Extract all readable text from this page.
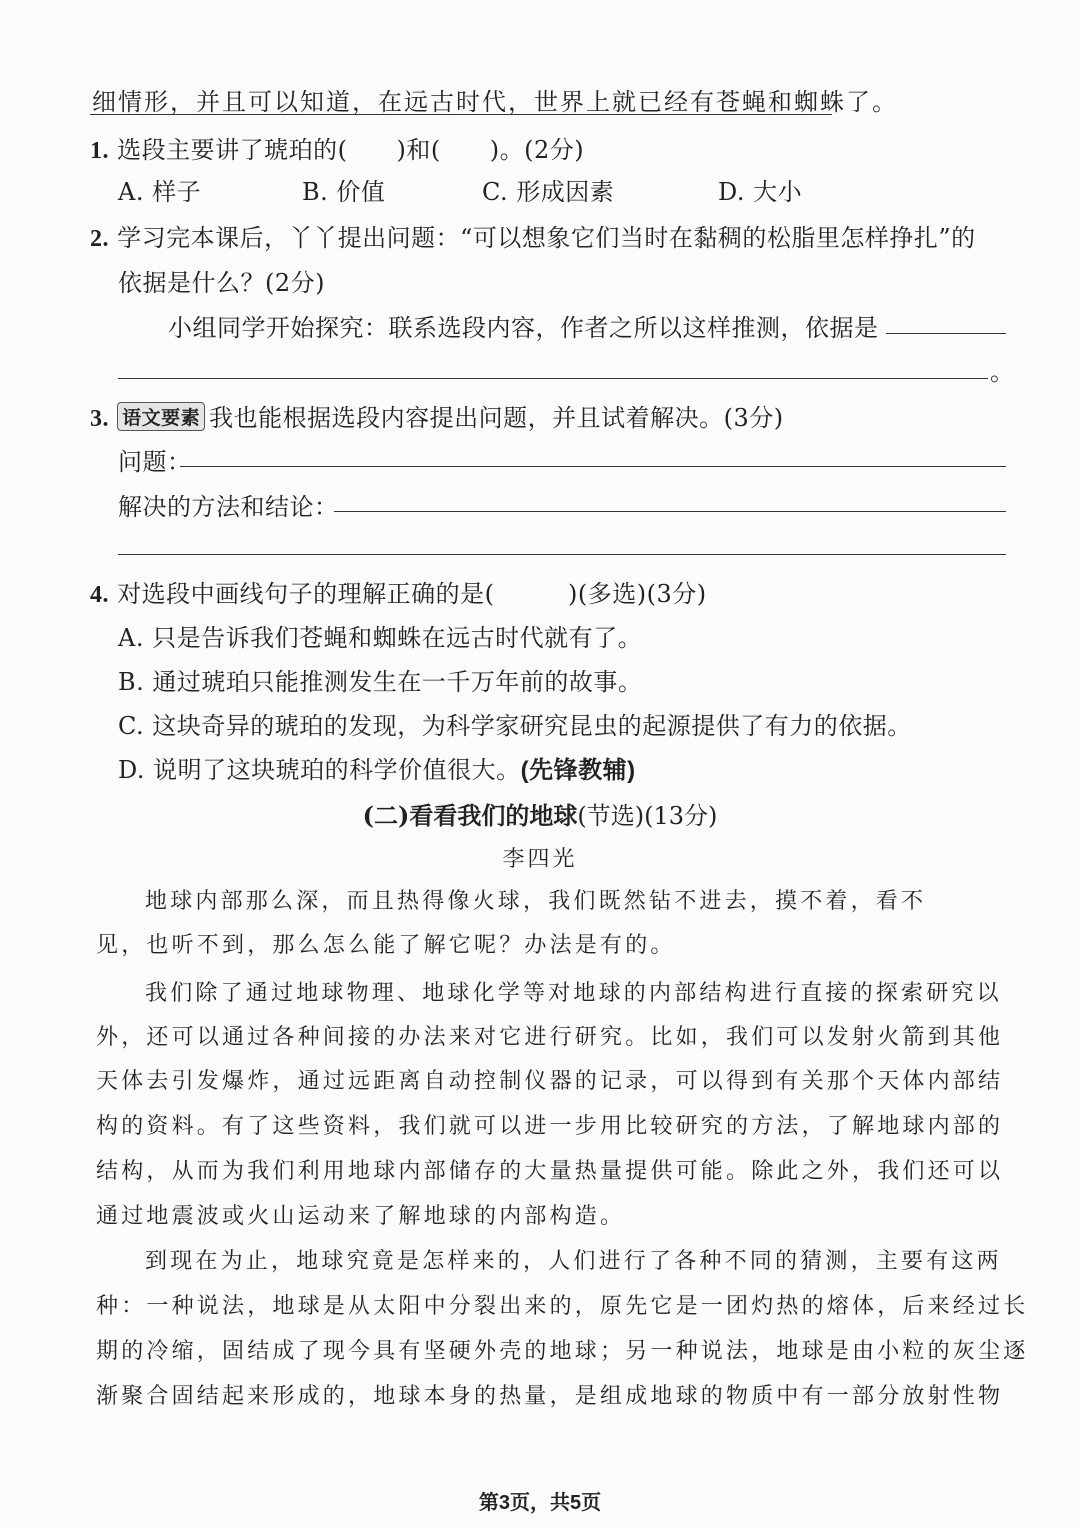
细情形，并且可以知道，在远古时代，世界上就已经有苍蝇和蜘蛛了。
1. 选段主要讲了琥珀的(　　)和(　　)。(2分)
A. 样子	B. 价值	C. 形成因素	D. 大小
2. 学习完本课后，丫丫提出问题：“可以想象它们当时在黏稠的松脂里怎样挣扎”的
依据是什么？(2分)
小组同学开始探究：联系选段内容，作者之所以这样推测，依据是
。
3. 语文要素 我也能根据选段内容提出问题，并且试着解决。(3分)
问题：
解决的方法和结论：
4. 对选段中画线句子的理解正确的是(　　　)(多选)(3分)
A. 只是告诉我们苍蝇和蜘蛛在远古时代就有了。
B. 通过琥珀只能推测发生在一千万年前的故事。
C. 这块奇异的琥珀的发现，为科学家研究昆虫的起源提供了有力的依据。
D. 说明了这块琥珀的科学价值很大。(先锋教辅)
(二)看看我们的地球(节选)(13分)
李四光
地球内部那么深，而且热得像火球，我们既然钻不进去，摸不着，看不
见，也听不到，那么怎么能了解它呢？办法是有的。
我们除了通过地球物理、地球化学等对地球的内部结构进行直接的探索研究以
外，还可以通过各种间接的办法来对它进行研究。比如，我们可以发射火箭到其他
天体去引发爆炸，通过远距离自动控制仪器的记录，可以得到有关那个天体内部结
构的资料。有了这些资料，我们就可以进一步用比较研究的方法，了解地球内部的
结构，从而为我们利用地球内部储存的大量热量提供可能。除此之外，我们还可以
通过地震波或火山运动来了解地球的内部构造。
到现在为止，地球究竟是怎样来的，人们进行了各种不同的猜测，主要有这两
种：一种说法，地球是从太阳中分裂出来的，原先它是一团灼热的熔体，后来经过长
期的冷缩，固结成了现今具有坚硬外壳的地球；另一种说法，地球是由小粒的灰尘逐
渐聚合固结起来形成的，地球本身的热量，是组成地球的物质中有一部分放射性物
第3页，共5页
